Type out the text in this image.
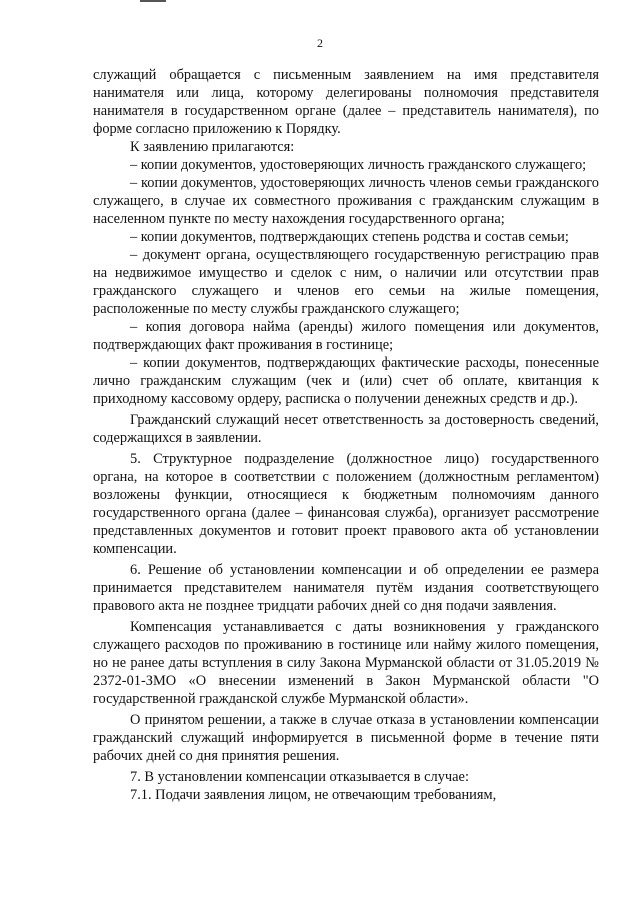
2

служащий обращается с письменным заявлением на имя представителя нанимателя или лица, которому делегированы полномочия представителя нанимателя в государственном органе (далее – представитель нанимателя), по форме согласно приложению к Порядку.

К заявлению прилагаются:

– копии документов, удостоверяющих личность гражданского служащего;

– копии документов, удостоверяющих личность членов семьи гражданского служащего, в случае их совместного проживания с гражданским служащим в населенном пункте по месту нахождения государственного органа;

– копии документов, подтверждающих степень родства и состав семьи;

– документ органа, осуществляющего государственную регистрацию прав на недвижимое имущество и сделок с ним, о наличии или отсутствии прав гражданского служащего и членов его семьи на жилые помещения, расположенные по месту службы гражданского служащего;

– копия договора найма (аренды) жилого помещения или документов, подтверждающих факт проживания в гостинице;

– копии документов, подтверждающих фактические расходы, понесенные лично гражданским служащим (чек и (или) счет об оплате, квитанция к приходному кассовому ордеру, расписка о получении денежных средств и др.).

Гражданский служащий несет ответственность за достоверность сведений, содержащихся в заявлении.

5. Структурное подразделение (должностное лицо) государственного органа, на которое в соответствии с положением (должностным регламентом) возложены функции, относящиеся к бюджетным полномочиям данного государственного органа (далее – финансовая служба), организует рассмотрение представленных документов и готовит проект правового акта об установлении компенсации.

6. Решение об установлении компенсации и об определении ее размера принимается представителем нанимателя путём издания соответствующего правового акта не позднее тридцати рабочих дней со дня подачи заявления.

Компенсация устанавливается с даты возникновения у гражданского служащего расходов по проживанию в гостинице или найму жилого помещения, но не ранее даты вступления в силу Закона Мурманской области от 31.05.2019 № 2372-01-ЗМО «О внесении изменений в Закон Мурманской области "О государственной гражданской службе Мурманской области».

О принятом решении, а также в случае отказа в установлении компенсации гражданский служащий информируется в письменной форме в течение пяти рабочих дней со дня принятия решения.

7. В установлении компенсации отказывается в случае:

7.1. Подачи заявления лицом, не отвечающим требованиям,
